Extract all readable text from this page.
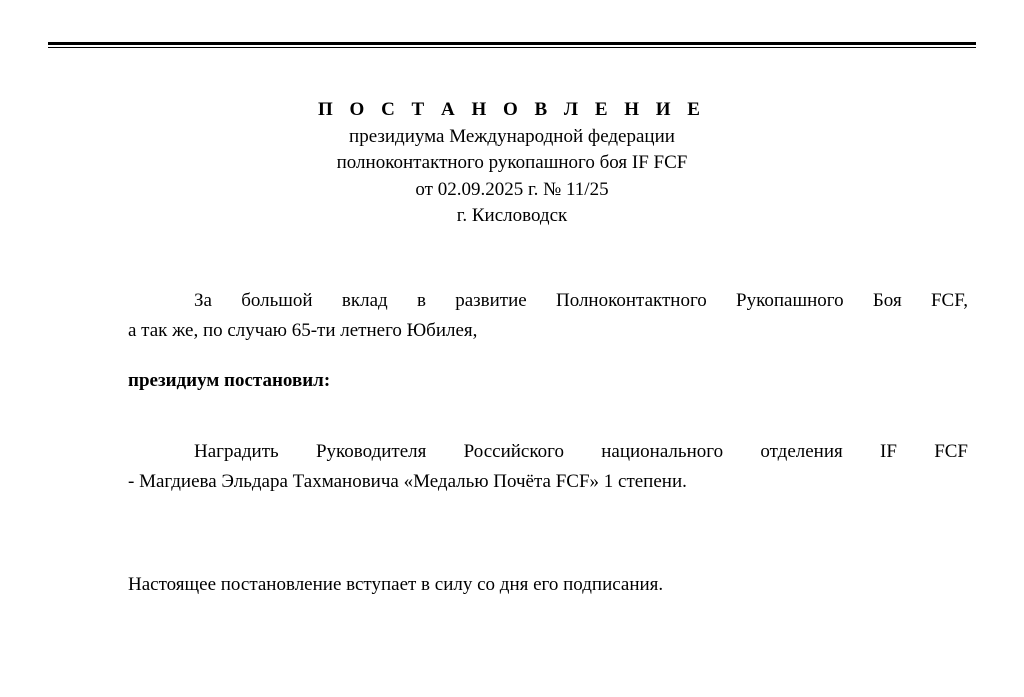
П О С Т А Н О В Л Е Н И Е
президиума Международной федерации
полноконтактного рукопашного боя IF FCF
от 02.09.2025 г. № 11/25
г. Кисловодск
За большой вклад в развитие Полноконтактного Рукопашного Боя FCF,
а так же, по случаю 65-ти летнего Юбилея,
президиум постановил:
Наградить Руководителя Российского национального отделения IF FCF
- Магдиева Эльдара Тахмановича «Медалью Почёта FCF» 1 степени.
Настоящее постановление вступает в силу со дня его подписания.
